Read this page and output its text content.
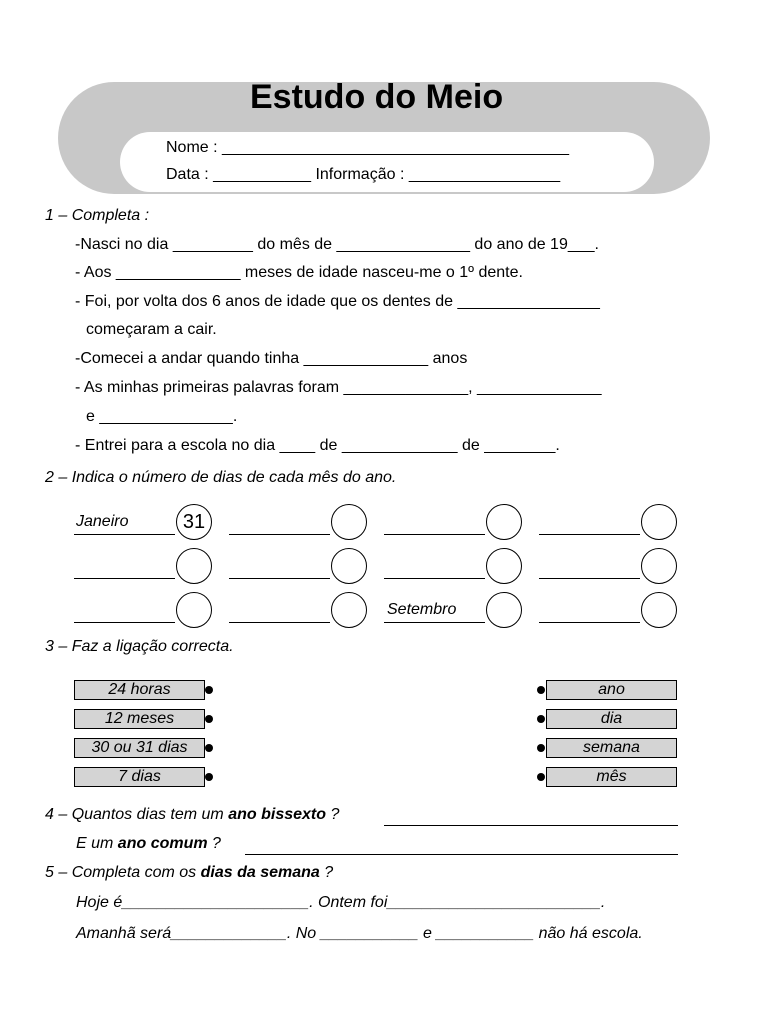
Estudo do Meio
Nome : _______________________________________
Data : ___________ Informação : _________________
1 – Completa :
-Nasci no dia _________ do mês de _______________ do ano de 19___.
- Aos ______________ meses de idade nasceu-me o 1º dente.
- Foi, por volta dos 6 anos de idade que os dentes de ________________
começaram a cair.
-Comecei a andar quando tinha ______________ anos
- As minhas primeiras palavras foram ______________, ______________
e _______________.
- Entrei para a escola no dia ____ de _____________ de ________.
2 – Indica o número de dias de cada mês do ano.
Janeiro	31
Setembro
3 – Faz a ligação correcta.
24 horas
12 meses
30 ou 31 dias
7 dias
ano
dia
semana
mês
4 – Quantos dias tem um ano bissexto ?
E um ano comum ?
5 – Completa com os dias da semana ?
Hoje é_____________________. Ontem foi________________________.
Amanhã será_____________. No ___________ e ___________ não há escola.
